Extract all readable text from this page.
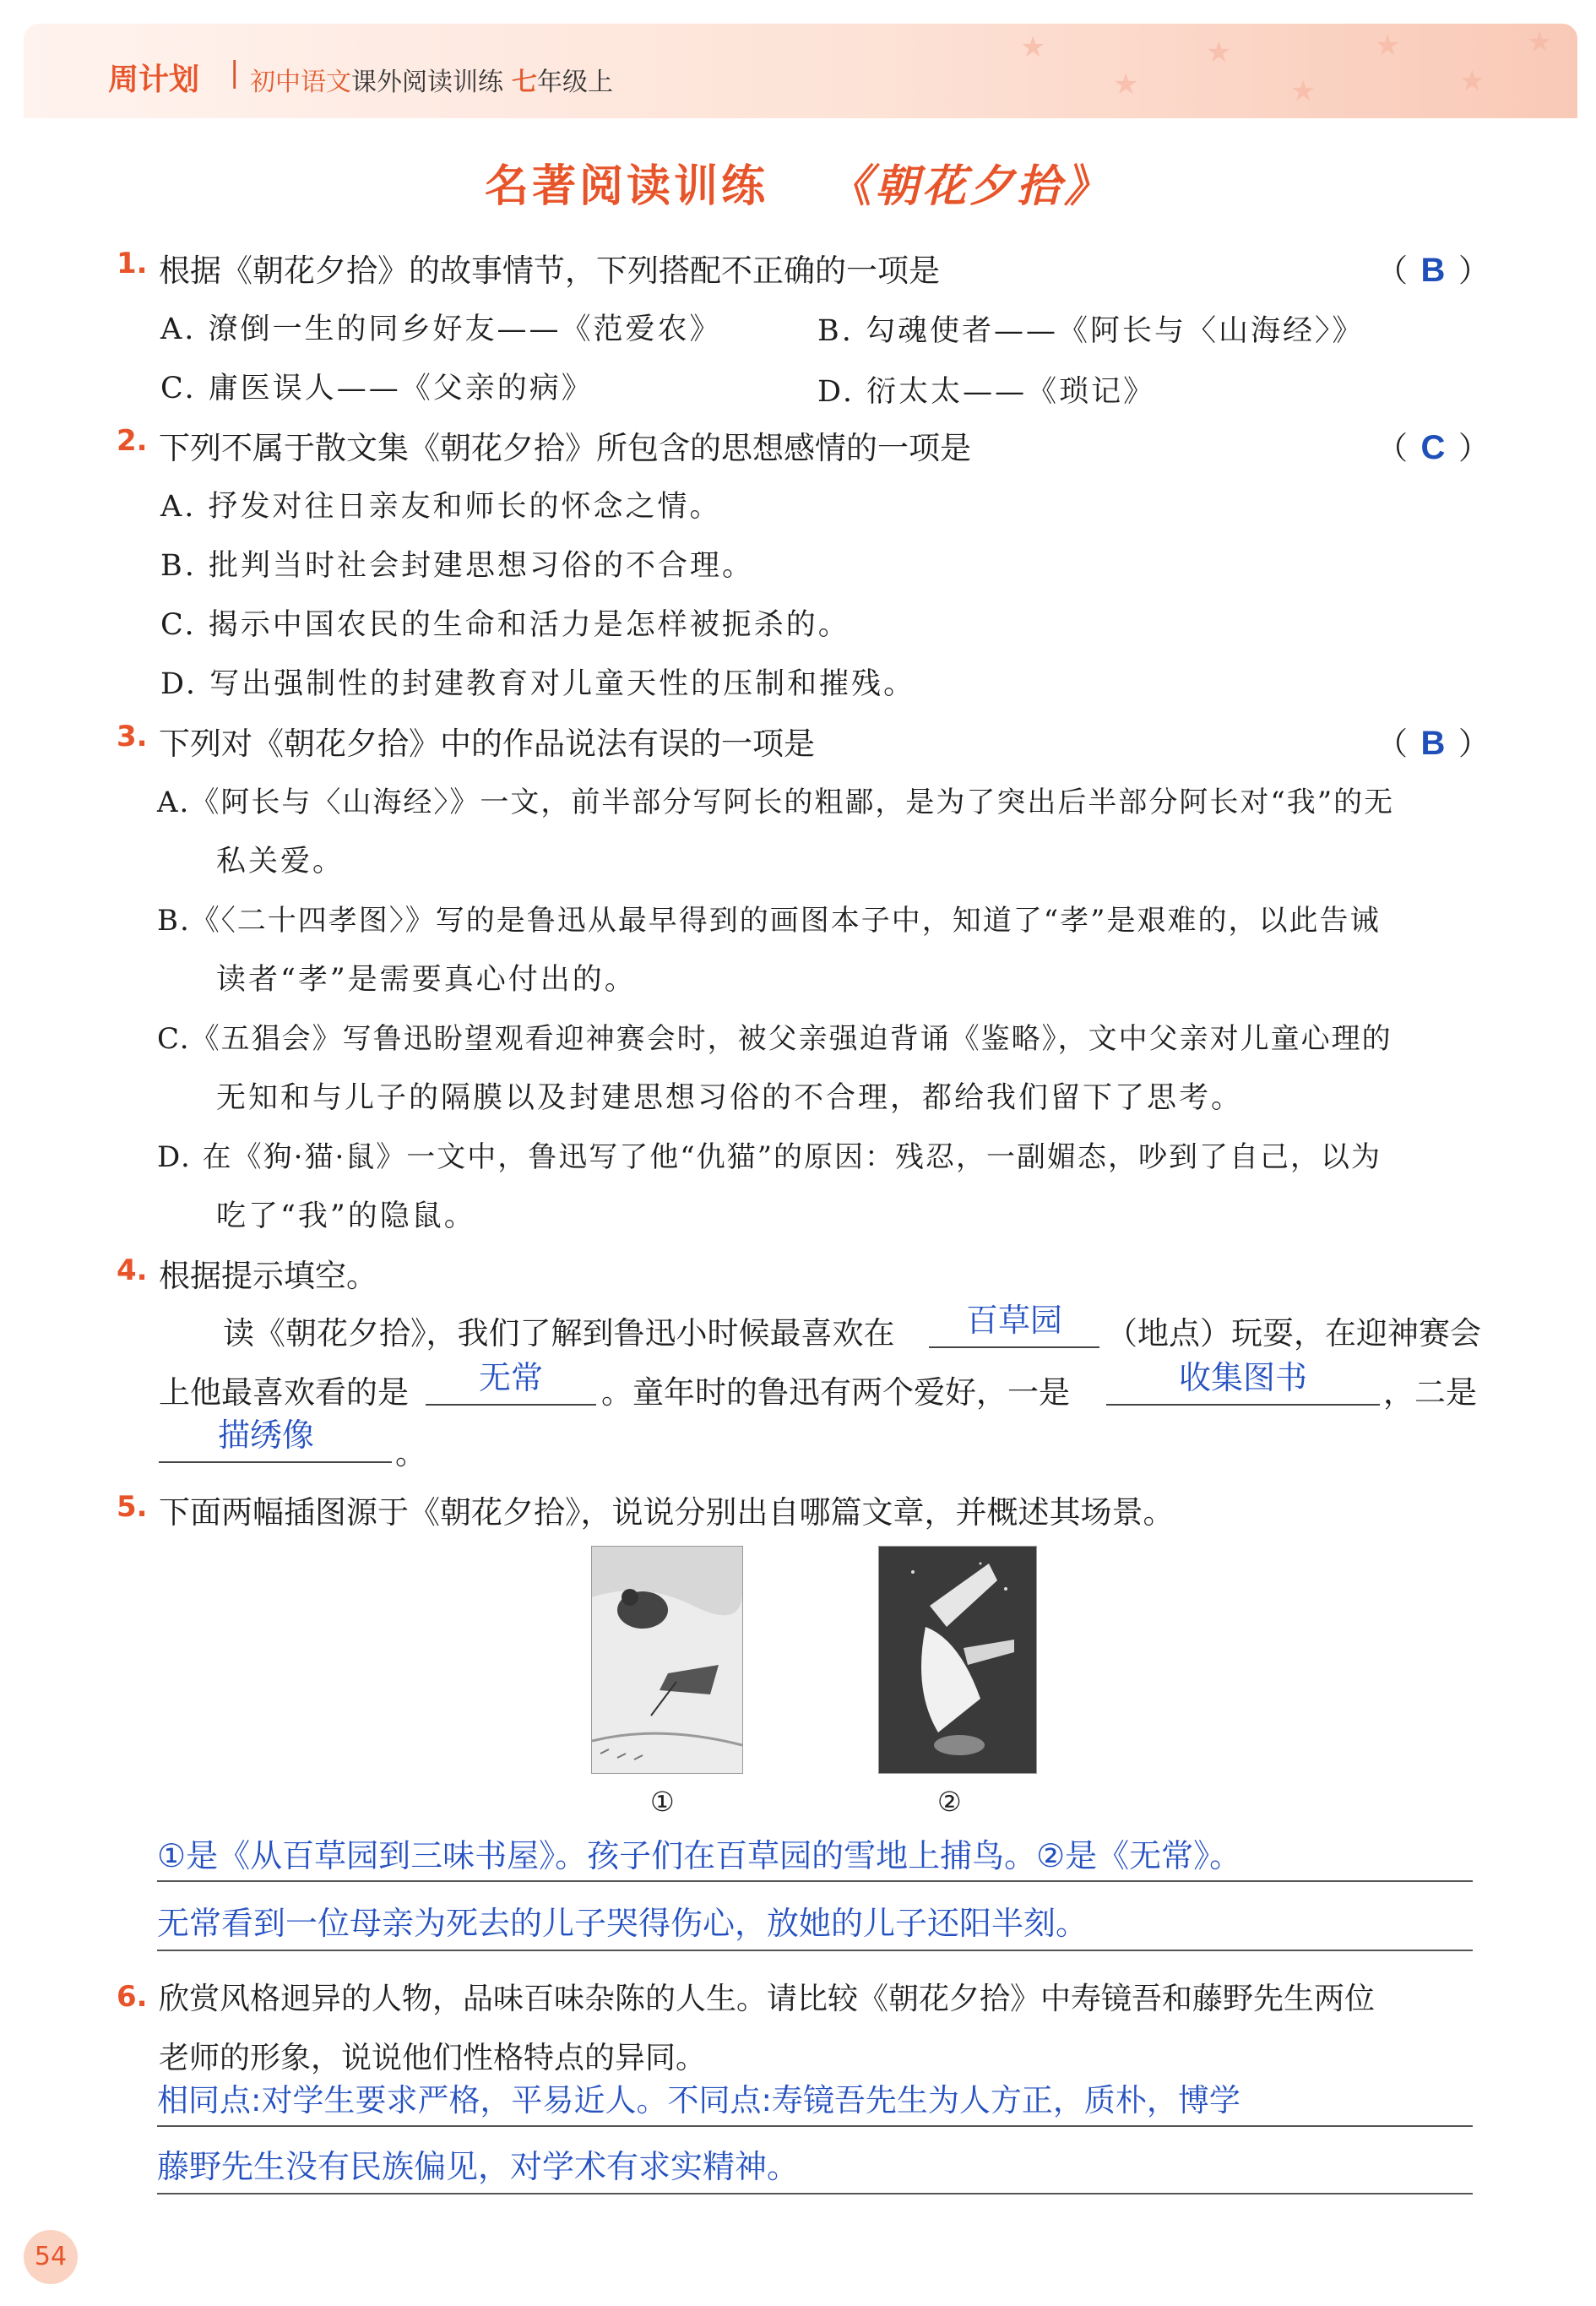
★
★
★
★
★
★
★
周计划 | 初中语文课外阅读训练 七年级上
名著阅读训练 《朝花夕拾》
1. 根据《朝花夕拾》的故事情节，下列搭配不正确的一项是	（ B ）
A. 潦倒一生的同乡好友——《范爱农》	B. 勾魂使者——《阿长与〈山海经〉》
C. 庸医误人——《父亲的病》	D. 衍太太——《琐记》
2. 下列不属于散文集《朝花夕拾》所包含的思想感情的一项是	（ C ）
A. 抒发对往日亲友和师长的怀念之情。
B. 批判当时社会封建思想习俗的不合理。
C. 揭示中国农民的生命和活力是怎样被扼杀的。
D. 写出强制性的封建教育对儿童天性的压制和摧残。
3. 下列对《朝花夕拾》中的作品说法有误的一项是	（ B ）
A.《阿长与〈山海经〉》一文，前半部分写阿长的粗鄙，是为了突出后半部分阿长对“我”的无
私关爱。
B.《〈二十四孝图〉》写的是鲁迅从最早得到的画图本子中，知道了“孝”是艰难的，以此告诫
读者“孝”是需要真心付出的。
C.《五猖会》写鲁迅盼望观看迎神赛会时，被父亲强迫背诵《鉴略》，文中父亲对儿童心理的
无知和与儿子的隔膜以及封建思想习俗的不合理，都给我们留下了思考。
D. 在《狗·猫·鼠》一文中，鲁迅写了他“仇猫”的原因：残忍，一副媚态，吵到了自己，以为
吃了“我”的隐鼠。
4. 根据提示填空。
读《朝花夕拾》，我们了解到鲁迅小时候最喜欢在	百草园	（地点）玩耍，在迎神赛会
上他最喜欢看的是	无常	。童年时的鲁迅有两个爱好，一是	收集图书	，二是
描绣像	。
5. 下面两幅插图源于《朝花夕拾》，说说分别出自哪篇文章，并概述其场景。
①	②
①是《从百草园到三味书屋》。孩子们在百草园的雪地上捕鸟。②是《无常》。
无常看到一位母亲为死去的儿子哭得伤心，放她的儿子还阳半刻。
6. 欣赏风格迥异的人物，品味百味杂陈的人生。请比较《朝花夕拾》中寿镜吾和藤野先生两位
老师的形象，说说他们性格特点的异同。
相同点:对学生要求严格，平易近人。不同点:寿镜吾先生为人方正，质朴，博学
藤野先生没有民族偏见，对学术有求实精神。
54
